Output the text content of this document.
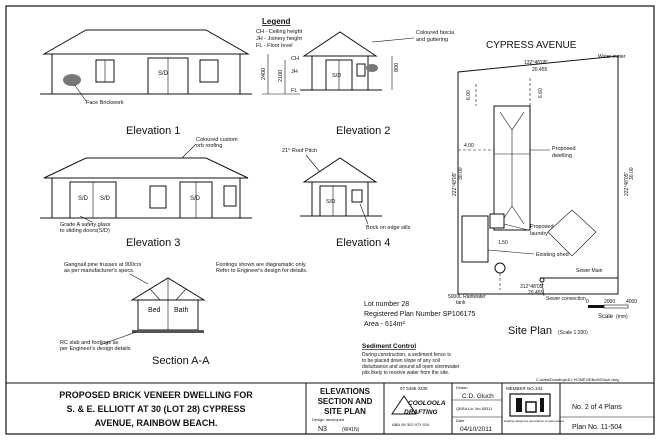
Legend
CH - Ceiling height
JH - Joinery height
FL - Floor level
S/D
Face Brickwork
2400 2100
CH
JH
FL
Elevation 1
S/D
800
Coloured fascia
and guttering
Elevation 2
Coloured custom
orb roofing
21° Roof Pitch
S/D S/D	S/D
Grade A safety glass
to sliding doors(S/D)
Elevation 3
S/D
Brick on edge sills
Elevation 4
Gangnail pine trusses at 900crs
as per manufacturer's specs.
Bed Bath
RC slab and footings as
per Engineer's design details
Footings shown are diagramatic only.
Refer to Engineer's design for details.
Section A-A
CYPRESS AVENUE
Water meter
132°48'05"
20.455
312°48'05"
20.455
222°48'05" 30.00	222°48'05" 30.00
Proposed
dwelling
6.00	6.60
4.00
1.50
Proposed
laundry
Existing shed
5000L Rainwater
tank
Sewer Main
Sewer connection 0	2000 4000
Scale (mm)
Lot number 28
Registered Plan Number SP106175
Area - 614m²
Site Plan (Scale 1:200)
Sediment Control
During construction, a sediment fence is
to be placed down slope of any soil
disturbance and around all open stormwater
pits likely to receive water from the site.
C:\data\Drawings\EJ HOME2\Elliott\Gluch.dwg
PROPOSED BRICK VENEER DWELLING FOR
S. & E. ELLIOTT AT 30 (LOT 28) CYPRESS
AVENUE, RAINBOW BEACH.
ELEVATIONS
SECTION AND
SITE PLAN
Design developed
N3	(W41N)
07 5485 0239
COOLOOLA
DRAFTING
ABN 69 302 973 924
Drawn
C.D. Gluch
QBSA Lic. No.65311
Date
04/10/2011
MEMBER NO.342
building designers association of queensland
No. 2 of 4 Plans
Plan No. 11-504
